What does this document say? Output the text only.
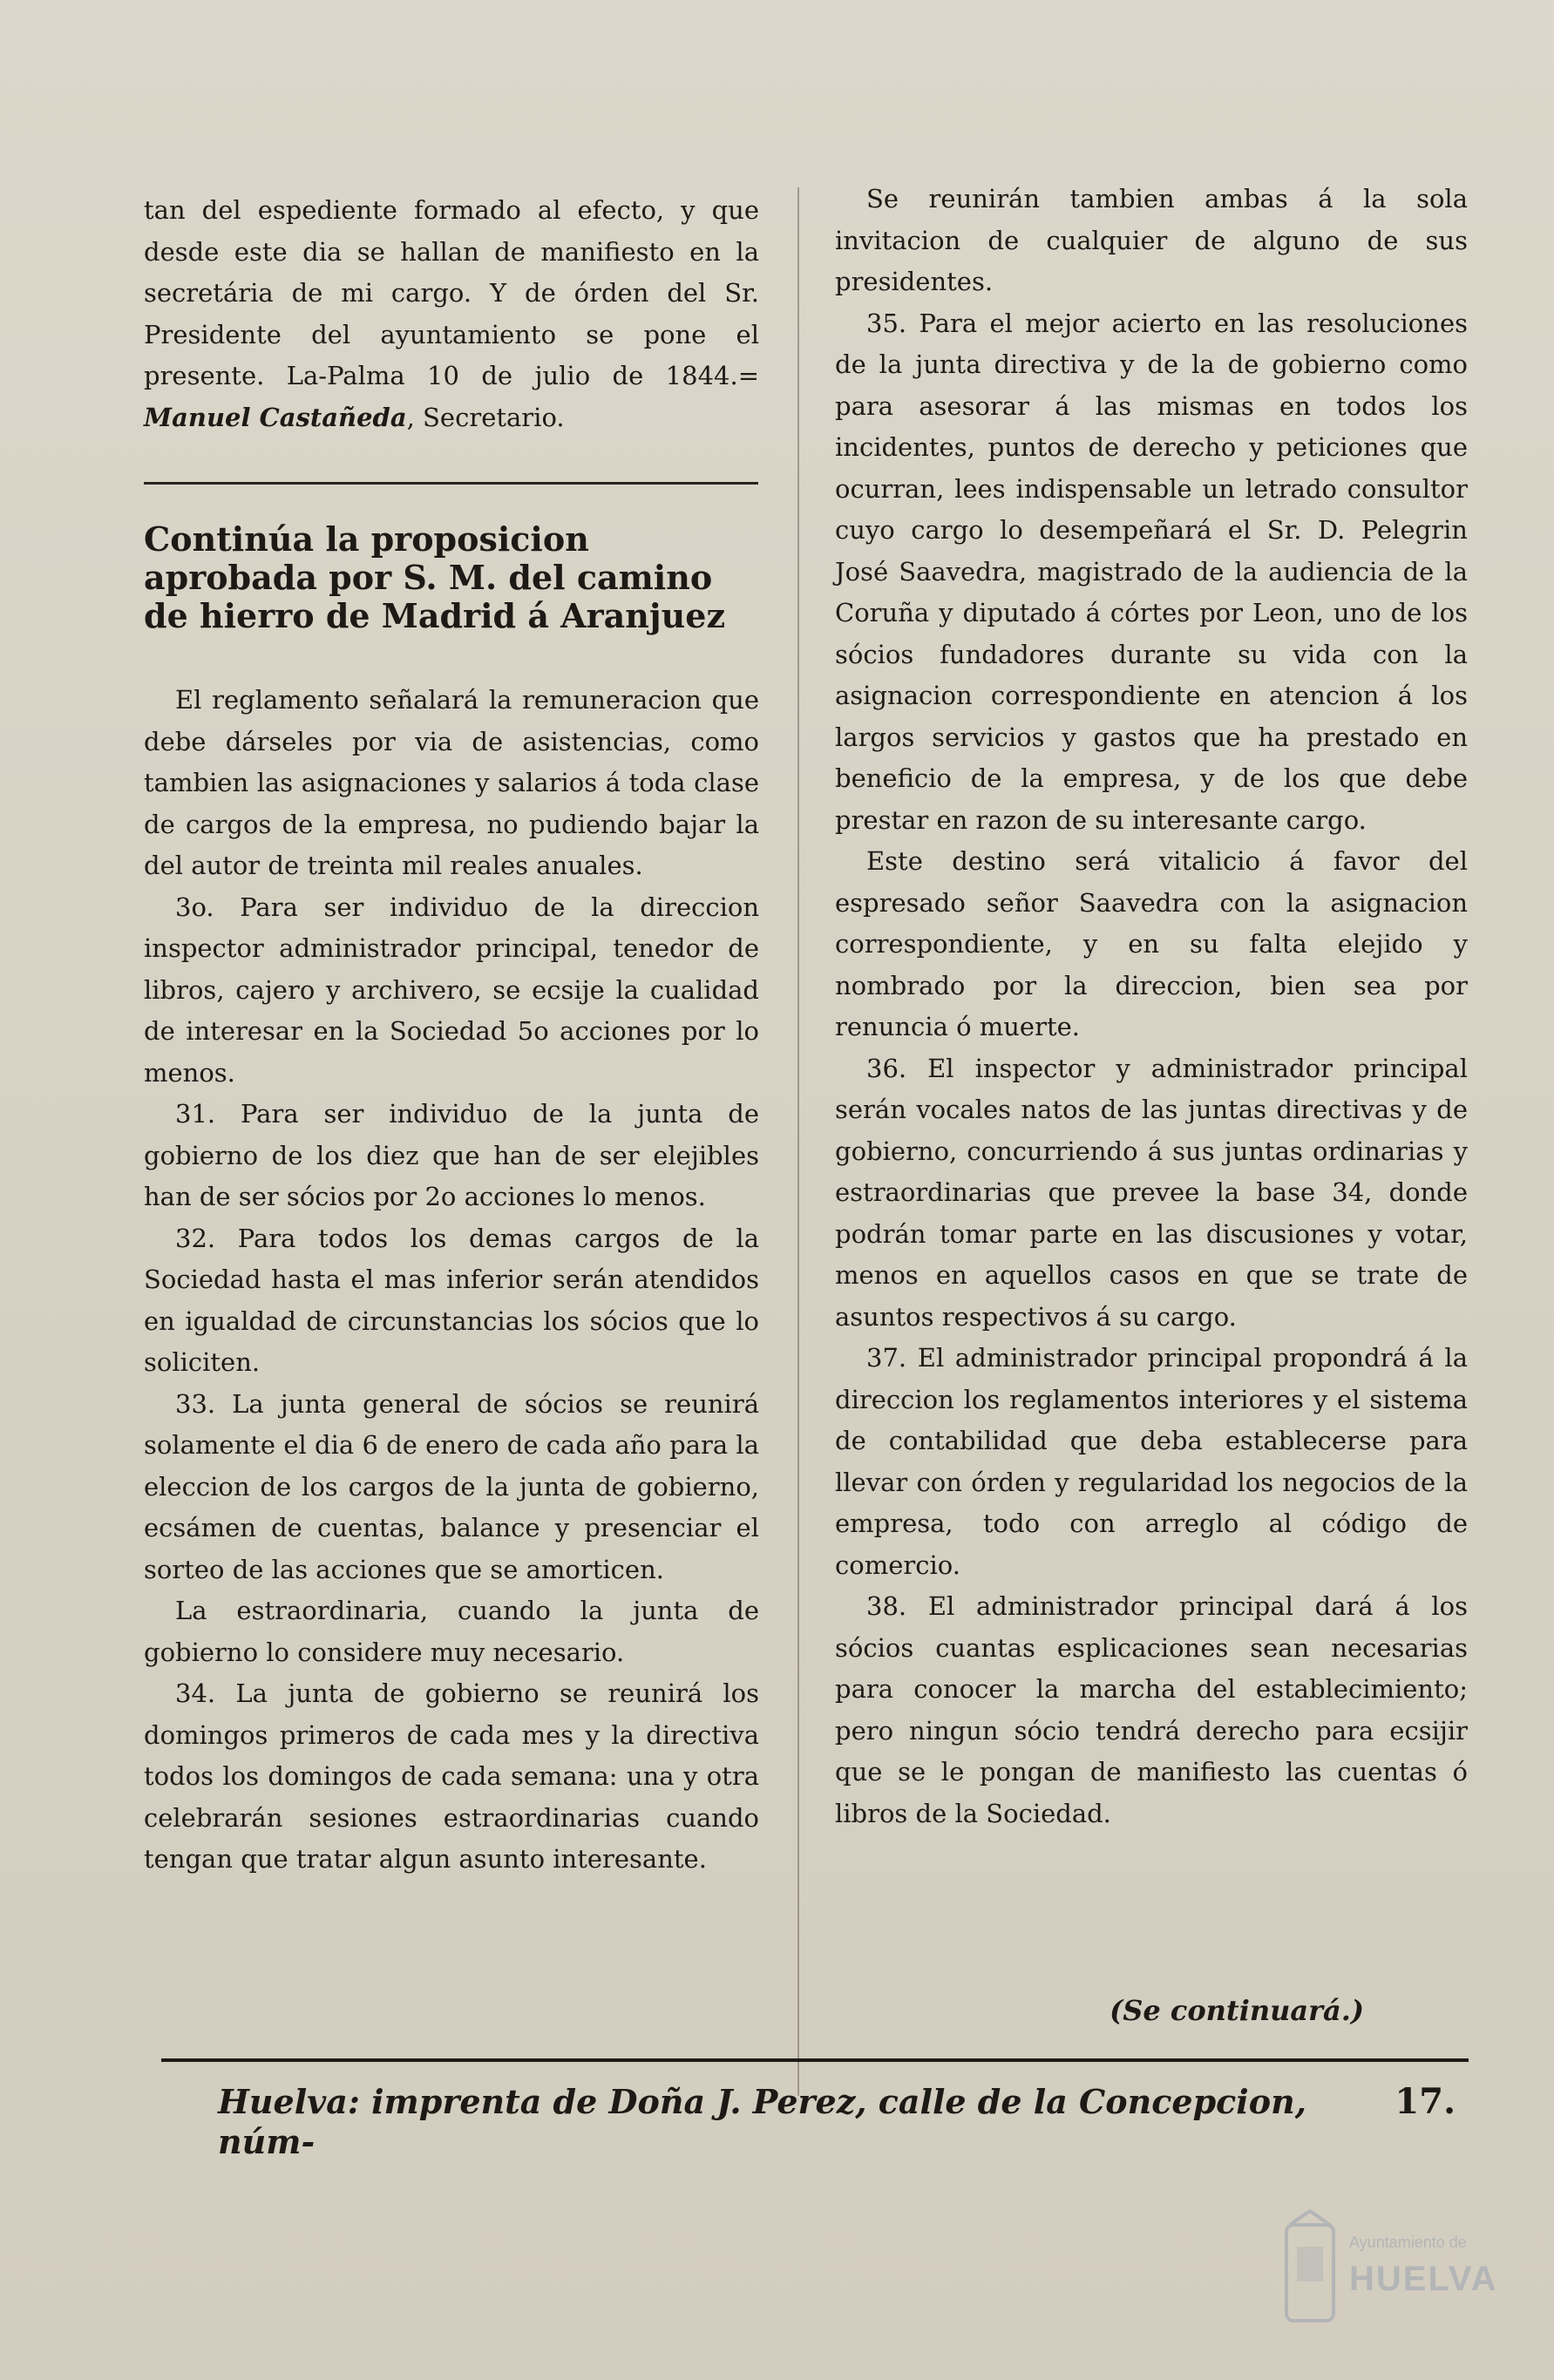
tan del espediente formado al efecto, y que desde este dia se hallan de manifiesto en la secretária de mi cargo. Y de órden del Sr. Presidente del ayuntamiento se pone el presente. La-Palma 10 de julio de 1844.= Manuel Castañeda, Secretario.

Continúa la proposicion aprobada por S. M. del camino de hierro de Madrid á Aranjuez

El reglamento señalará la remuneracion que debe dárseles por via de asistencias, como tambien las asignaciones y salarios á toda clase de cargos de la empresa, no pudiendo bajar la del autor de treinta mil reales anuales.

3o. Para ser individuo de la direccion inspector administrador principal, tenedor de libros, cajero y archivero, se ecsije la cualidad de interesar en la Sociedad 5o acciones por lo menos.

31. Para ser individuo de la junta de gobierno de los diez que han de ser elejibles han de ser sócios por 2o acciones lo menos.

32. Para todos los demas cargos de la Sociedad hasta el mas inferior serán atendidos en igualdad de circunstancias los sócios que lo soliciten.

33. La junta general de sócios se reunirá solamente el dia 6 de enero de cada año para la eleccion de los cargos de la junta de gobierno, ecsámen de cuentas, balance y presenciar el sorteo de las acciones que se amorticen.

La estraordinaria, cuando la junta de gobierno lo considere muy necesario.

34. La junta de gobierno se reunirá los domingos primeros de cada mes y la directiva todos los domingos de cada semana: una y otra celebrarán sesiones estraordinarias cuando tengan que tratar algun asunto interesante.

Se reunirán tambien ambas á la sola invitacion de cualquier de alguno de sus presidentes.

35. Para el mejor acierto en las resoluciones de la junta directiva y de la de gobierno como para asesorar á las mismas en todos los incidentes, puntos de derecho y peticiones que ocurran, lees indispensable un letrado consultor cuyo cargo lo desempeñará el Sr. D. Pelegrin José Saavedra, magistrado de la audiencia de la Coruña y diputado á córtes por Leon, uno de los sócios fundadores durante su vida con la asignacion correspondiente en atencion á los largos servicios y gastos que ha prestado en beneficio de la empresa, y de los que debe prestar en razon de su interesante cargo.

Este destino será vitalicio á favor del espresado señor Saavedra con la asignacion correspondiente, y en su falta elejido y nombrado por la direccion, bien sea por renuncia ó muerte.

36. El inspector y administrador principal serán vocales natos de las juntas directivas y de gobierno, concurriendo á sus juntas ordinarias y estraordinarias que prevee la base 34, donde podrán tomar parte en las discusiones y votar, menos en aquellos casos en que se trate de asuntos respectivos á su cargo.

37. El administrador principal propondrá á la direccion los reglamentos interiores y el sistema de contabilidad que deba establecerse para llevar con órden y regularidad los negocios de la empresa, todo con arreglo al código de comercio.

38. El administrador principal dará á los sócios cuantas esplicaciones sean necesarias para conocer la marcha del establecimiento; pero ningun sócio tendrá derecho para ecsijir que se le pongan de manifiesto las cuentas ó libros de la Sociedad.

(Se continuará.)
Huelva: imprenta de Doña J. Perez, calle de la Concepcion, núm-
17.
Ayuntamiento de
HUELVA
